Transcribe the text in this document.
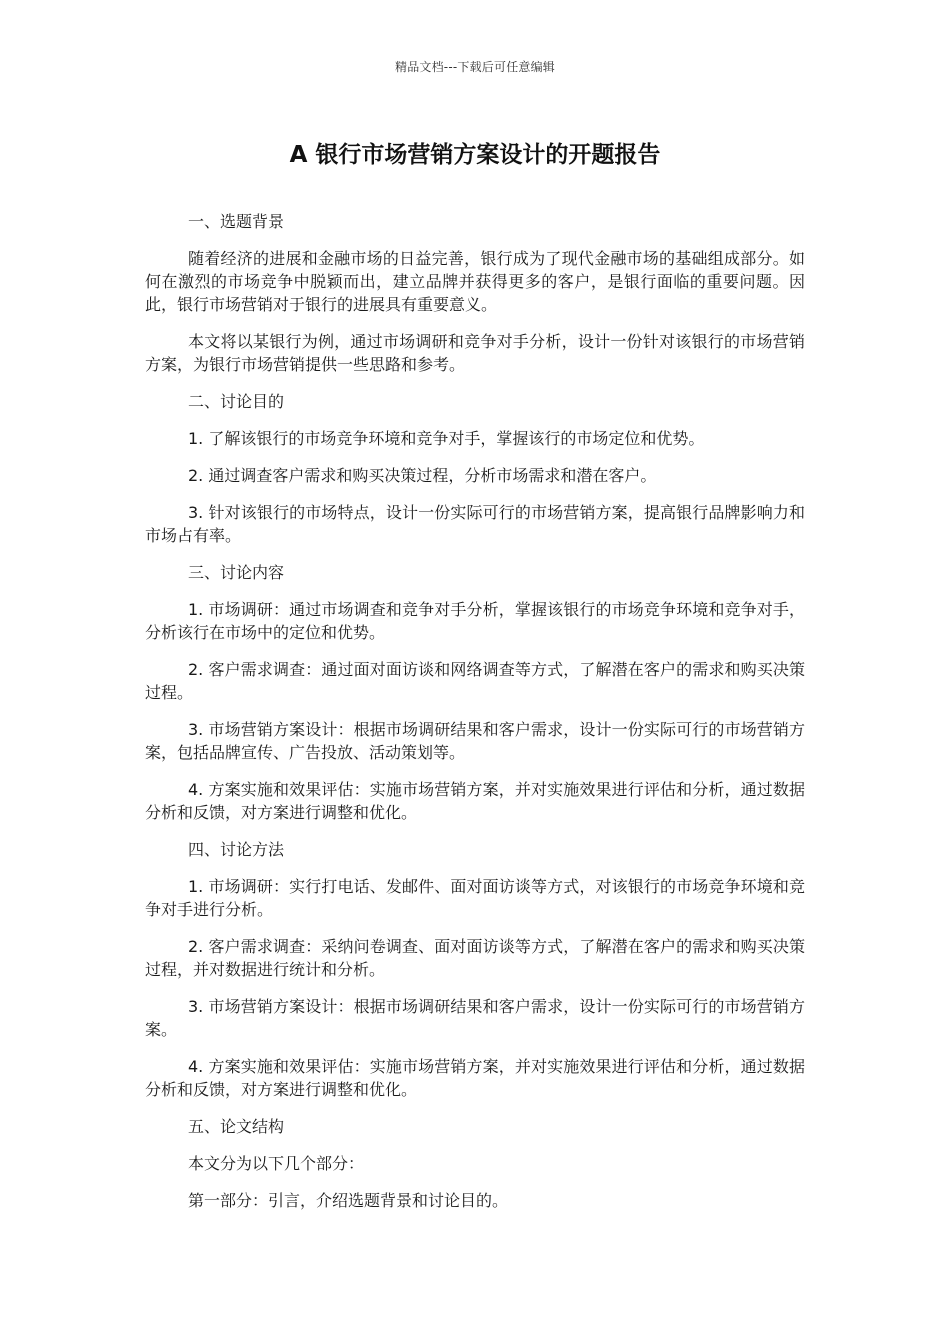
精品文档---下载后可任意编辑
A 银行市场营销方案设计的开题报告

一、选题背景

随着经济的进展和金融市场的日益完善，银行成为了现代金融市场的基础组成部分。如何在激烈的市场竞争中脱颖而出，建立品牌并获得更多的客户，是银行面临的重要问题。因此，银行市场营销对于银行的进展具有重要意义。

本文将以某银行为例，通过市场调研和竞争对手分析，设计一份针对该银行的市场营销方案，为银行市场营销提供一些思路和参考。

二、讨论目的

1. 了解该银行的市场竞争环境和竞争对手，掌握该行的市场定位和优势。

2. 通过调查客户需求和购买决策过程，分析市场需求和潜在客户。

3. 针对该银行的市场特点，设计一份实际可行的市场营销方案，提高银行品牌影响力和市场占有率。

三、讨论内容

1. 市场调研：通过市场调查和竞争对手分析，掌握该银行的市场竞争环境和竞争对手，分析该行在市场中的定位和优势。

2. 客户需求调查：通过面对面访谈和网络调查等方式，了解潜在客户的需求和购买决策过程。

3. 市场营销方案设计：根据市场调研结果和客户需求，设计一份实际可行的市场营销方案，包括品牌宣传、广告投放、活动策划等。

4. 方案实施和效果评估：实施市场营销方案，并对实施效果进行评估和分析，通过数据分析和反馈，对方案进行调整和优化。

四、讨论方法

1. 市场调研：实行打电话、发邮件、面对面访谈等方式，对该银行的市场竞争环境和竞争对手进行分析。

2. 客户需求调查：采纳问卷调查、面对面访谈等方式，了解潜在客户的需求和购买决策过程，并对数据进行统计和分析。

3. 市场营销方案设计：根据市场调研结果和客户需求，设计一份实际可行的市场营销方案。

4. 方案实施和效果评估：实施市场营销方案，并对实施效果进行评估和分析，通过数据分析和反馈，对方案进行调整和优化。

五、论文结构

本文分为以下几个部分：

第一部分：引言，介绍选题背景和讨论目的。
